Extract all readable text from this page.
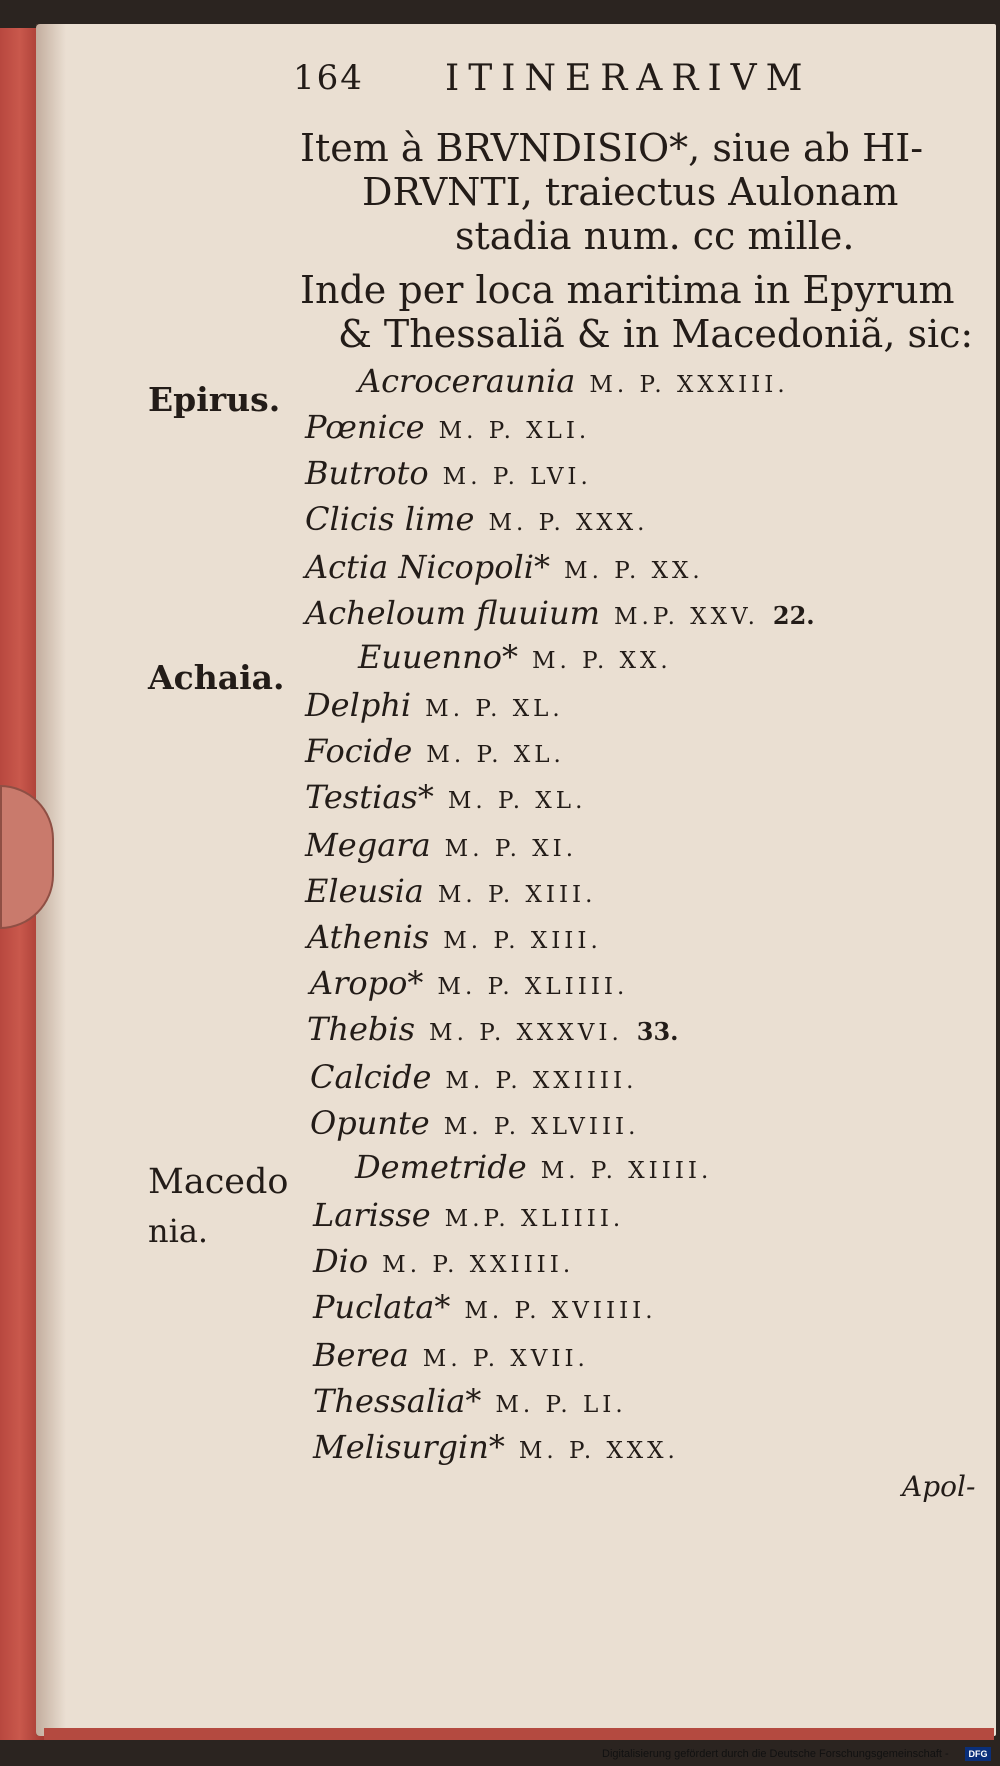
164 ITINERARIVM
Item à BRVNDISIO*, siue ab HI-
DRVNTI, traiectus Aulonam
stadia num. cc mille.
Inde per loca maritima in Epyrum
& Thessaliã & in Macedoniã, sic:
Epirus.
Achaia.
Macedo
nia.
Acroceraunia M. P. XXXIII.
Pœnice M. P. XLI.
Butroto M. P. LVI.
Clicis lime M. P. XXX.
Actia Nicopoli* M. P. XX.
Acheloum fluuium M.P. XXV. 22.
Euuenno* M. P. XX.
Delphi M. P. XL.
Focide M. P. XL.
Testias* M. P. XL.
Megara M. P. XI.
Eleusia M. P. XIII.
Athenis M. P. XIII.
Aropo* M. P. XLIIII.
Thebis M. P. XXXVI. 33.
Calcide M. P. XXIIII.
Opunte M. P. XLVIII.
Demetride M. P. XIIII.
Larisse M.P. XLIIII.
Dio M. P. XXIIII.
Puclata* M. P. XVIIII.
Berea M. P. XVII.
Thessalia* M. P. LI.
Melisurgin* M. P. XXX.
Apol-
Digitalisierung gefördert durch die Deutsche Forschungsgemeinschaft -	DFG
